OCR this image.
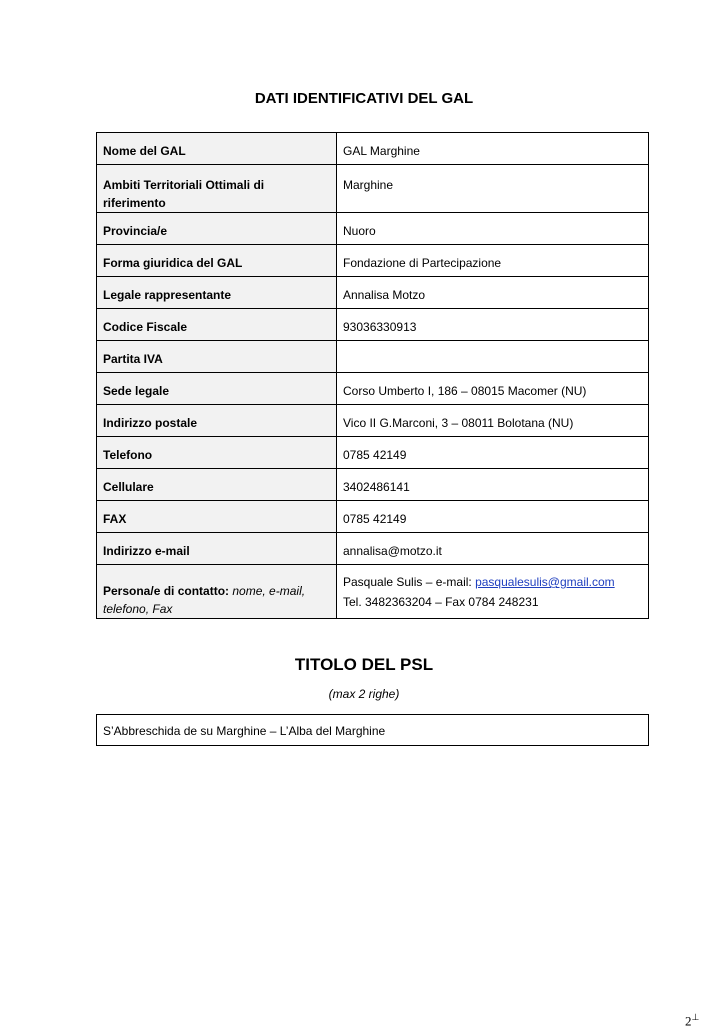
DATI IDENTIFICATIVI DEL GAL
Nome del GAL	GAL Marghine
Ambiti Territoriali Ottimali di riferimento	Marghine
Provincia/e	Nuoro
Forma giuridica del GAL	Fondazione di Partecipazione
Legale rappresentante	Annalisa Motzo
Codice Fiscale	93036330913
Partita IVA	
Sede legale	Corso Umberto I, 186 – 08015 Macomer (NU)
Indirizzo postale	Vico II G.Marconi, 3 – 08011 Bolotana (NU)
Telefono	0785 42149
Cellulare	3402486141
FAX	0785 42149
Indirizzo e-mail	annalisa@motzo.it
Persona/e di contatto: nome, e-mail, telefono, Fax	Pasquale Sulis – e-mail: pasqualesulis@gmail.com
Tel. 3482363204 – Fax 0784 248231
TITOLO DEL PSL
(max 2 righe)
S’Abbreschida de su Marghine – L’Alba del Marghine
2⊥
